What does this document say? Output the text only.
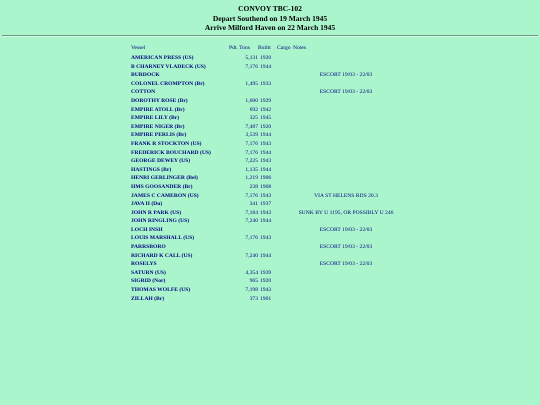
CONVOY TBC-102
Depart Southend on 19 March 1945
Arrive Milford Haven on 22 March 1945
Vessel	Pdt. Tons Builtt Cargo Notes
AMERICAN PRESS (US)	5,131 1920
B CHARNEY VLADECK (US)	7,176 1944
BURDOCK	ESCORT 19/03 - 22/03
COLONEL CROMPTON (Br)	1,495 1933
COTTON	ESCORT 19/03 - 22/03
DOROTHY ROSE (Br)	1,600 1929
EMPIRE ATOLL (Br)	692 1942
EMPIRE LILY (Br)	325 1945
EMPIRE NIGER (Br)	7,487 1920
EMPIRE PERLIS (Br)	3,539 1944
FRANK R STOCKTON (US)	7,176 1943
FREDERICK BOUCHARD (US)	7,176 1944
GEORGE DEWEY (US)	7,225 1943
HASTINGS (Br)	1,135 1944
HENRI GERLINGER (Bel)	1,219 1906
HMS GOOSANDER (Br)	238 1908
JAMES C CAMERON (US)	7,176 1943	VIA ST HELENS RDS 20.3
JAVA II (Du)	341 1937
JOHN R PARK (US)	7,184 1943	SUNK BY U 1195, OR POSSIBLY U 246
JOHN RINGLING (US)	7,240 1944
LOCH INSH	ESCORT 19/03 - 22/03
LOUIS MARSHALL (US)	7,176 1943
PARRSBORO	ESCORT 19/03 - 22/03
RICHARD K CALL (US)	7,240 1944
ROSELYS	ESCORT 19/03 - 22/03
SATURN (US)	4,354 1939
SIGRID (Nor)	965 1920
THOMAS WOLFE (US)	7,198 1943
ZILLAH (Br)	373 1901
